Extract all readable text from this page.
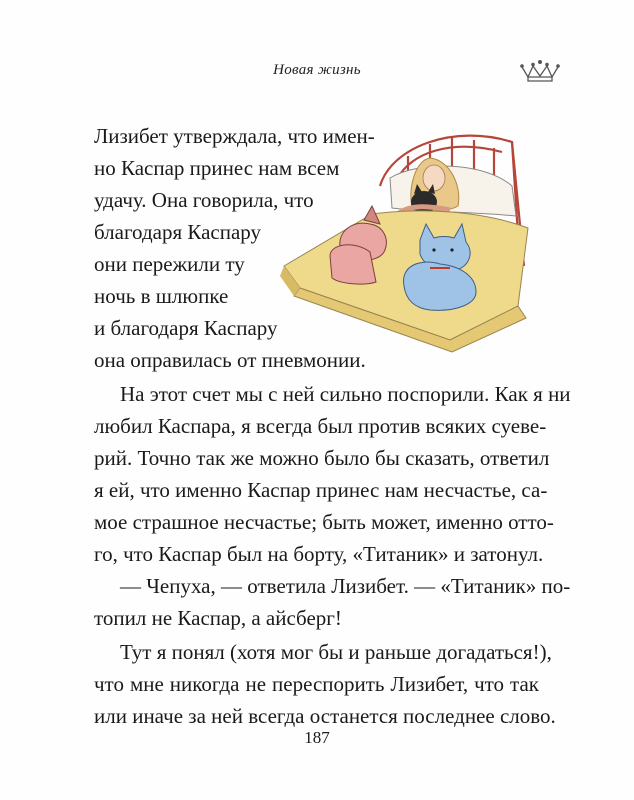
Новая жизнь
Лизибет утверждала, что имен-
но Каспар принес нам всем
удачу. Она говорила, что
благодаря Каспару
они пережили ту
ночь в шлюпке
и благодаря Каспару
она оправилась от пневмонии.
На этот счет мы с ней сильно поспорили. Как я ни
любил Каспара, я всегда был против всяких суеве-
рий. Точно так же можно было бы сказать, ответил
я ей, что именно Каспар принес нам несчастье, са-
мое страшное несчастье; быть может, именно отто-
го, что Каспар был на борту, «Титаник» и затонул.
— Чепуха, — ответила Лизибет. — «Титаник» по-
топил не Каспар, а айсберг!
Тут я понял (хотя мог бы и раньше догадаться!),
что мне никогда не переспорить Лизибет, что так
или иначе за ней всегда останется последнее слово.
187
